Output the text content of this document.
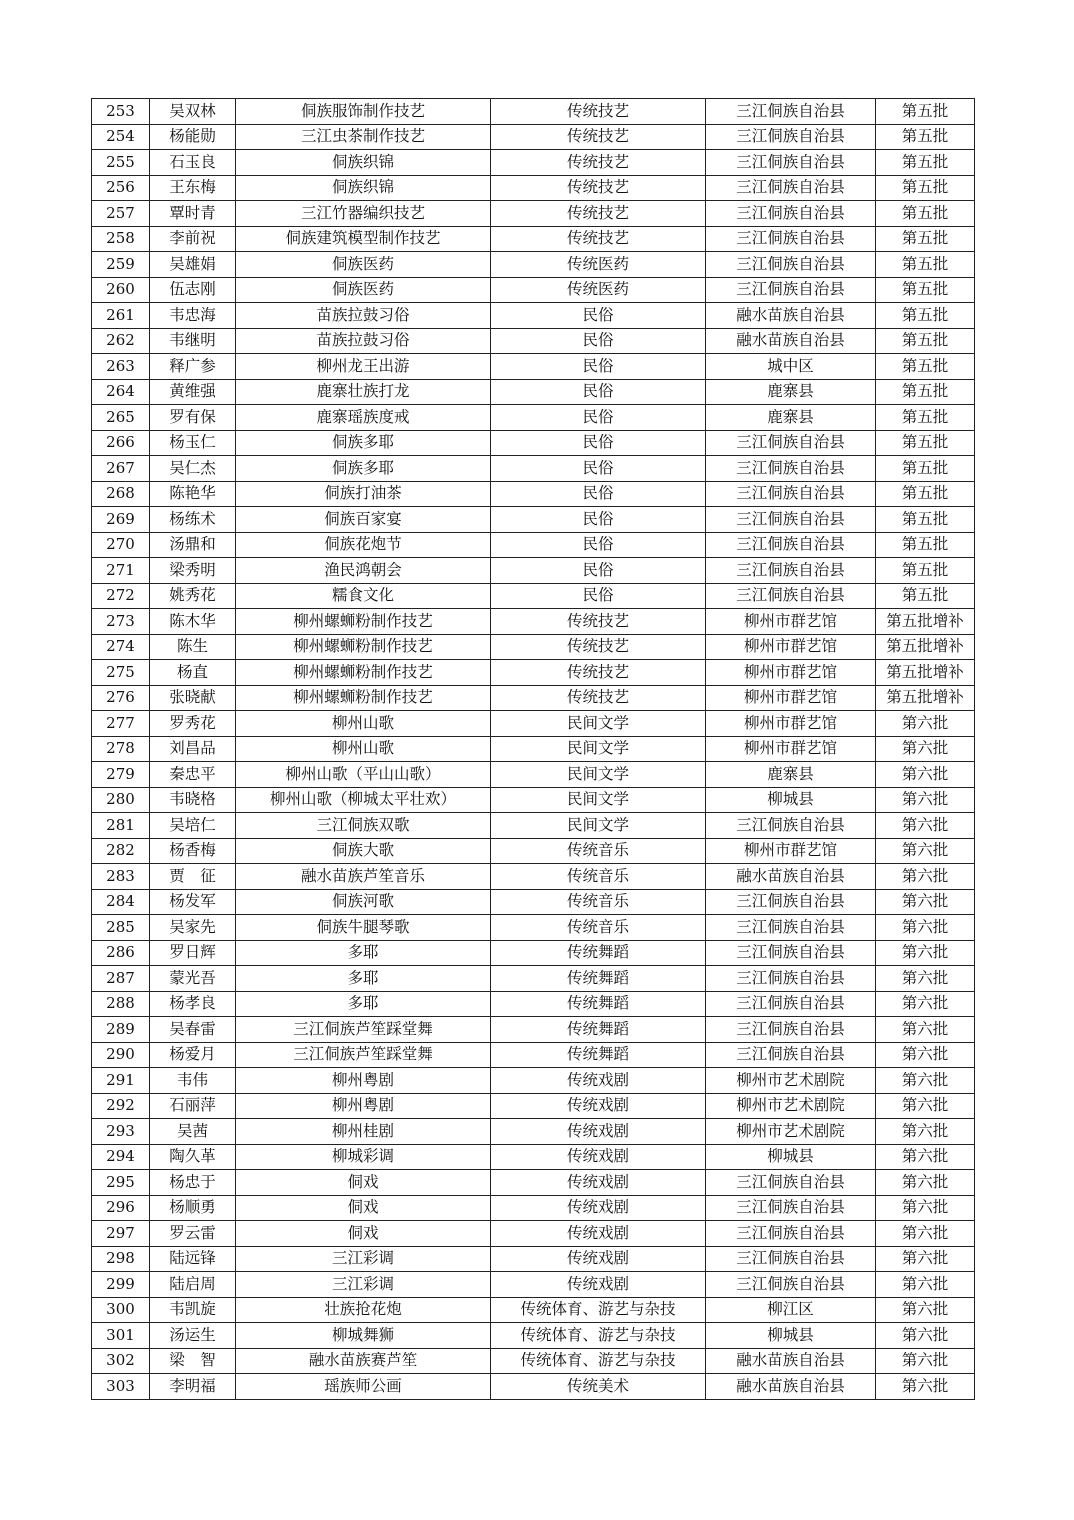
253	吴双林	侗族服饰制作技艺	传统技艺	三江侗族自治县	第五批
254	杨能勋	三江虫茶制作技艺	传统技艺	三江侗族自治县	第五批
255	石玉良	侗族织锦	传统技艺	三江侗族自治县	第五批
256	王东梅	侗族织锦	传统技艺	三江侗族自治县	第五批
257	覃时青	三江竹器编织技艺	传统技艺	三江侗族自治县	第五批
258	李前祝	侗族建筑模型制作技艺	传统技艺	三江侗族自治县	第五批
259	吴雄娟	侗族医药	传统医药	三江侗族自治县	第五批
260	伍志刚	侗族医药	传统医药	三江侗族自治县	第五批
261	韦忠海	苗族拉鼓习俗	民俗	融水苗族自治县	第五批
262	韦继明	苗族拉鼓习俗	民俗	融水苗族自治县	第五批
263	释广参	柳州龙王出游	民俗	城中区	第五批
264	黄维强	鹿寨壮族打龙	民俗	鹿寨县	第五批
265	罗有保	鹿寨瑶族度戒	民俗	鹿寨县	第五批
266	杨玉仁	侗族多耶	民俗	三江侗族自治县	第五批
267	吴仁杰	侗族多耶	民俗	三江侗族自治县	第五批
268	陈艳华	侗族打油茶	民俗	三江侗族自治县	第五批
269	杨练术	侗族百家宴	民俗	三江侗族自治县	第五批
270	汤鼎和	侗族花炮节	民俗	三江侗族自治县	第五批
271	梁秀明	渔民鸿朝会	民俗	三江侗族自治县	第五批
272	姚秀花	糯食文化	民俗	三江侗族自治县	第五批
273	陈木华	柳州螺蛳粉制作技艺	传统技艺	柳州市群艺馆	第五批增补
274	陈生	柳州螺蛳粉制作技艺	传统技艺	柳州市群艺馆	第五批增补
275	杨直	柳州螺蛳粉制作技艺	传统技艺	柳州市群艺馆	第五批增补
276	张晓献	柳州螺蛳粉制作技艺	传统技艺	柳州市群艺馆	第五批增补
277	罗秀花	柳州山歌	民间文学	柳州市群艺馆	第六批
278	刘昌品	柳州山歌	民间文学	柳州市群艺馆	第六批
279	秦忠平	柳州山歌（平山山歌）	民间文学	鹿寨县	第六批
280	韦晓格	柳州山歌（柳城太平壮欢）	民间文学	柳城县	第六批
281	吴培仁	三江侗族双歌	民间文学	三江侗族自治县	第六批
282	杨香梅	侗族大歌	传统音乐	柳州市群艺馆	第六批
283	贾　征	融水苗族芦笙音乐	传统音乐	融水苗族自治县	第六批
284	杨发军	侗族河歌	传统音乐	三江侗族自治县	第六批
285	吴家先	侗族牛腿琴歌	传统音乐	三江侗族自治县	第六批
286	罗日辉	多耶	传统舞蹈	三江侗族自治县	第六批
287	蒙光吾	多耶	传统舞蹈	三江侗族自治县	第六批
288	杨孝良	多耶	传统舞蹈	三江侗族自治县	第六批
289	吴春雷	三江侗族芦笙踩堂舞	传统舞蹈	三江侗族自治县	第六批
290	杨爱月	三江侗族芦笙踩堂舞	传统舞蹈	三江侗族自治县	第六批
291	韦伟	柳州粤剧	传统戏剧	柳州市艺术剧院	第六批
292	石丽萍	柳州粤剧	传统戏剧	柳州市艺术剧院	第六批
293	吴茜	柳州桂剧	传统戏剧	柳州市艺术剧院	第六批
294	陶久革	柳城彩调	传统戏剧	柳城县	第六批
295	杨忠于	侗戏	传统戏剧	三江侗族自治县	第六批
296	杨顺勇	侗戏	传统戏剧	三江侗族自治县	第六批
297	罗云雷	侗戏	传统戏剧	三江侗族自治县	第六批
298	陆远锋	三江彩调	传统戏剧	三江侗族自治县	第六批
299	陆启周	三江彩调	传统戏剧	三江侗族自治县	第六批
300	韦凯旋	壮族抢花炮	传统体育、游艺与杂技	柳江区	第六批
301	汤运生	柳城舞狮	传统体育、游艺与杂技	柳城县	第六批
302	梁　智	融水苗族赛芦笙	传统体育、游艺与杂技	融水苗族自治县	第六批
303	李明福	瑶族师公画	传统美术	融水苗族自治县	第六批
